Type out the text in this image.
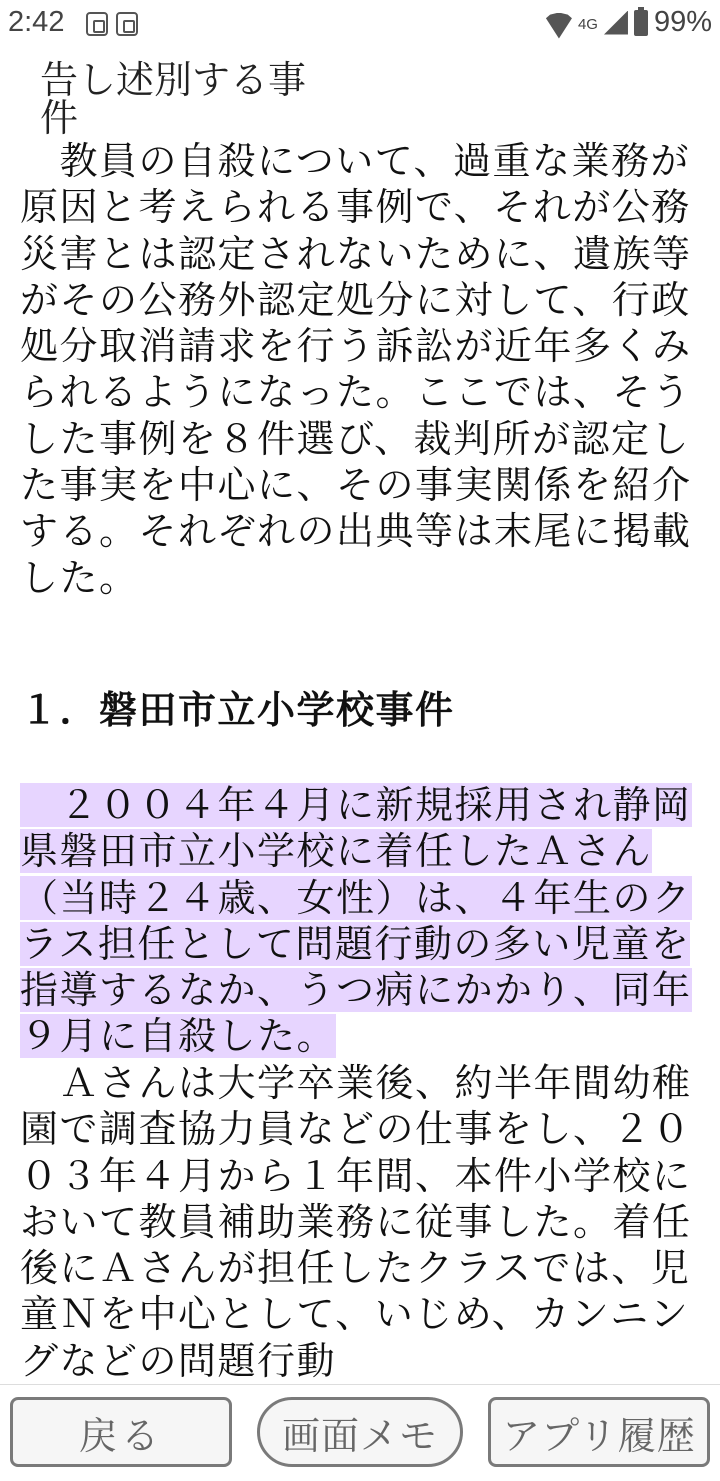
2:42	4G 99%
告し述別する事件
　教員の自殺について、過重な業務が原因と考えられる事例で、それが公務災害とは認定されないために、遺族等がその公務外認定処分に対して、行政処分取消請求を行う訴訟が近年多くみられるようになった。ここでは、そうした事例を８件選び、裁判所が認定した事実を中心に、その事実関係を紹介する。それぞれの出典等は末尾に掲載した。
１．磐田市立小学校事件
　２００４年４月に新規採用され静岡県磐田市立小学校に着任したＡさん（当時２４歳、女性）は、４年生のクラス担任として問題行動の多い児童を指導するなか、うつ病にかかり、同年９月に自殺した。
　Ａさんは大学卒業後、約半年間幼稚園で調査協力員などの仕事をし、２００３年４月から１年間、本件小学校において教員補助業務に従事した。着任後にＡさんが担任したクラスでは、児童Ｎを中心として、いじめ、カンニングなどの問題行動
戻る	画面メモ	アプリ履歴
